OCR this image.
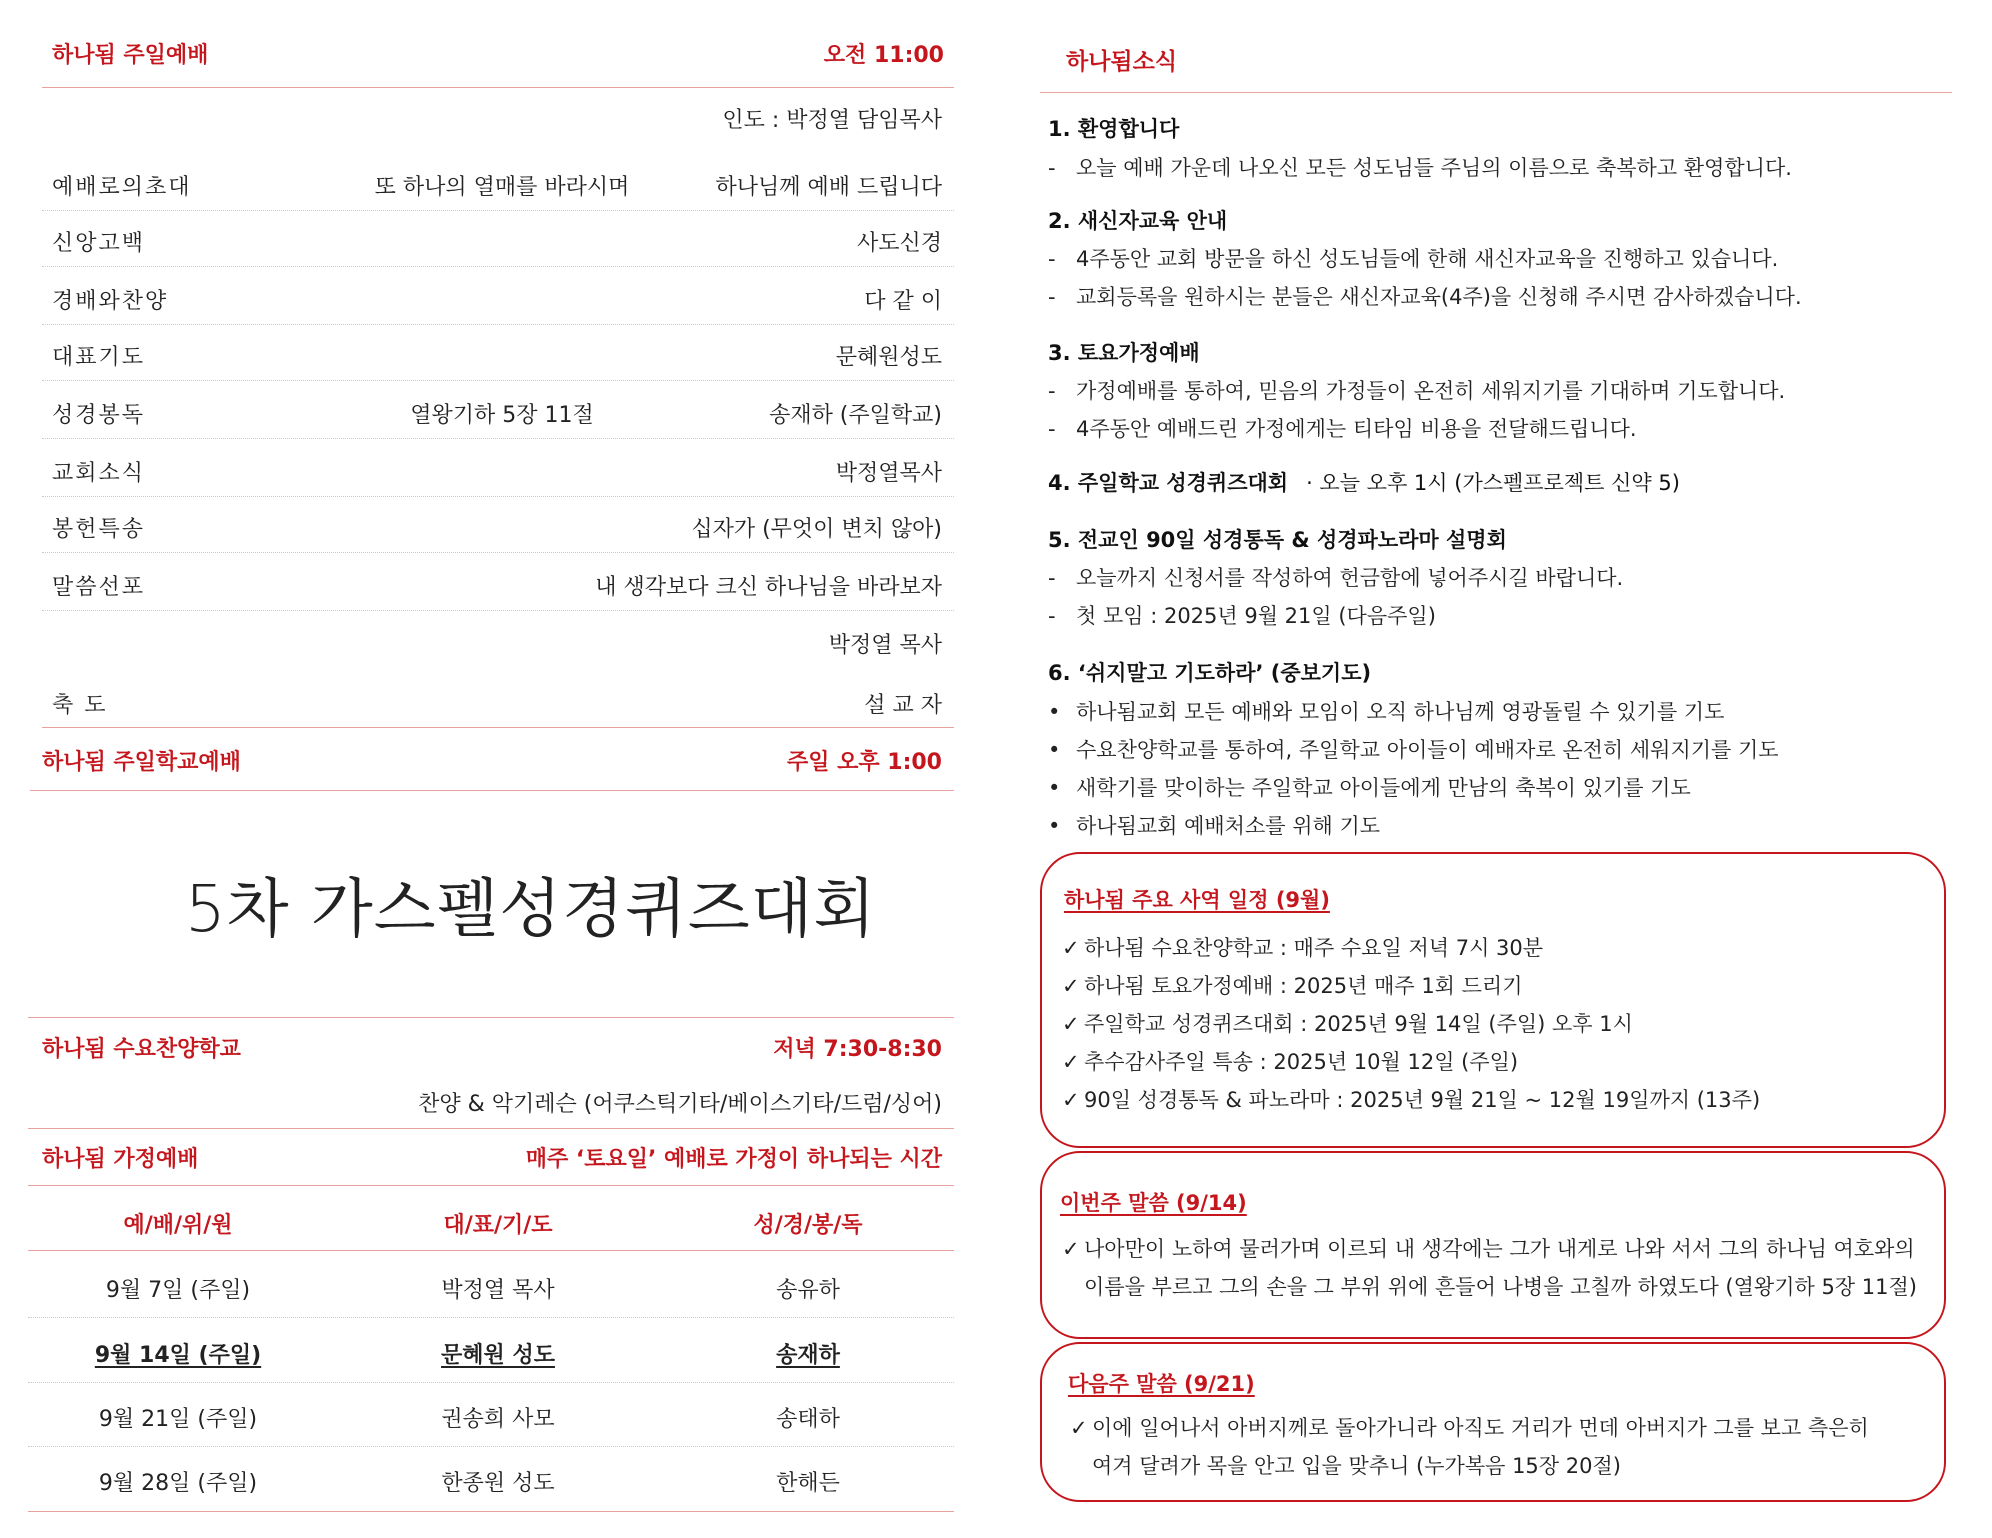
하나됨 주일예배	오전 11:00
인도 : 박정열 담임목사
예배로의초대	또 하나의 열매를 바라시며	하나님께 예배 드립니다
신앙고백	사도신경
경배와찬양	다 같 이
대표기도	문혜원성도
성경봉독	열왕기하 5장 11절	송재하 (주일학교)
교회소식	박정열목사
봉헌특송	십자가 (무엇이 변치 않아)
말씀선포	내 생각보다 크신 하나님을 바라보자
박정열 목사
축 도	설 교 자
하나됨 주일학교예배	주일 오후 1:00
5차 가스펠성경퀴즈대회
하나됨 수요찬양학교	저녁 7:30-8:30
찬양 & 악기레슨 (어쿠스틱기타/베이스기타/드럼/싱어)
하나됨 가정예배	매주 ‘토요일’ 예배로 가정이 하나되는 시간
예/배/위/원	대/표/기/도	성/경/봉/독
9월 7일 (주일)	박정열 목사	송유하
9월 14일 (주일)	문혜원 성도	송재하
9월 21일 (주일)	권송희 사모	송태하
9월 28일 (주일)	한종원 성도	한해든
하나됨소식
1. 환영합니다
- 오늘 예배 가운데 나오신 모든 성도님들 주님의 이름으로 축복하고 환영합니다.
2. 새신자교육 안내
- 4주동안 교회 방문을 하신 성도님들에 한해 새신자교육을 진행하고 있습니다.
- 교회등록을 원하시는 분들은 새신자교육(4주)을 신청해 주시면 감사하겠습니다.
3. 토요가정예배
- 가정예배를 통하여, 믿음의 가정들이 온전히 세워지기를 기대하며 기도합니다.
- 4주동안 예배드린 가정에게는 티타임 비용을 전달해드립니다.
4. 주일학교 성경퀴즈대회 · 오늘 오후 1시 (가스펠프로젝트 신약 5)
5. 전교인 90일 성경통독 & 성경파노라마 설명회
- 오늘까지 신청서를 작성하여 헌금함에 넣어주시길 바랍니다.
- 첫 모임 : 2025년 9월 21일 (다음주일)
6. ‘쉬지말고 기도하라’ (중보기도)
• 하나됨교회 모든 예배와 모임이 오직 하나님께 영광돌릴 수 있기를 기도
• 수요찬양학교를 통하여, 주일학교 아이들이 예배자로 온전히 세워지기를 기도
• 새학기를 맞이하는 주일학교 아이들에게 만남의 축복이 있기를 기도
• 하나됨교회 예배처소를 위해 기도
하나됨 주요 사역 일정 (9월)
✓ 하나됨 수요찬양학교 : 매주 수요일 저녁 7시 30분
✓ 하나됨 토요가정예배 : 2025년 매주 1회 드리기
✓ 주일학교 성경퀴즈대회 : 2025년 9월 14일 (주일) 오후 1시
✓ 추수감사주일 특송 : 2025년 10월 12일 (주일)
✓ 90일 성경통독 & 파노라마 : 2025년 9월 21일 ~ 12월 19일까지 (13주)
이번주 말씀 (9/14)
✓ 나아만이 노하여 물러가며 이르되 내 생각에는 그가 내게로 나와 서서 그의 하나님 여호와의
이름을 부르고 그의 손을 그 부위 위에 흔들어 나병을 고칠까 하였도다 (열왕기하 5장 11절)
다음주 말씀 (9/21)
✓ 이에 일어나서 아버지께로 돌아가니라 아직도 거리가 먼데 아버지가 그를 보고 측은히
여겨 달려가 목을 안고 입을 맞추니 (누가복음 15장 20절)
